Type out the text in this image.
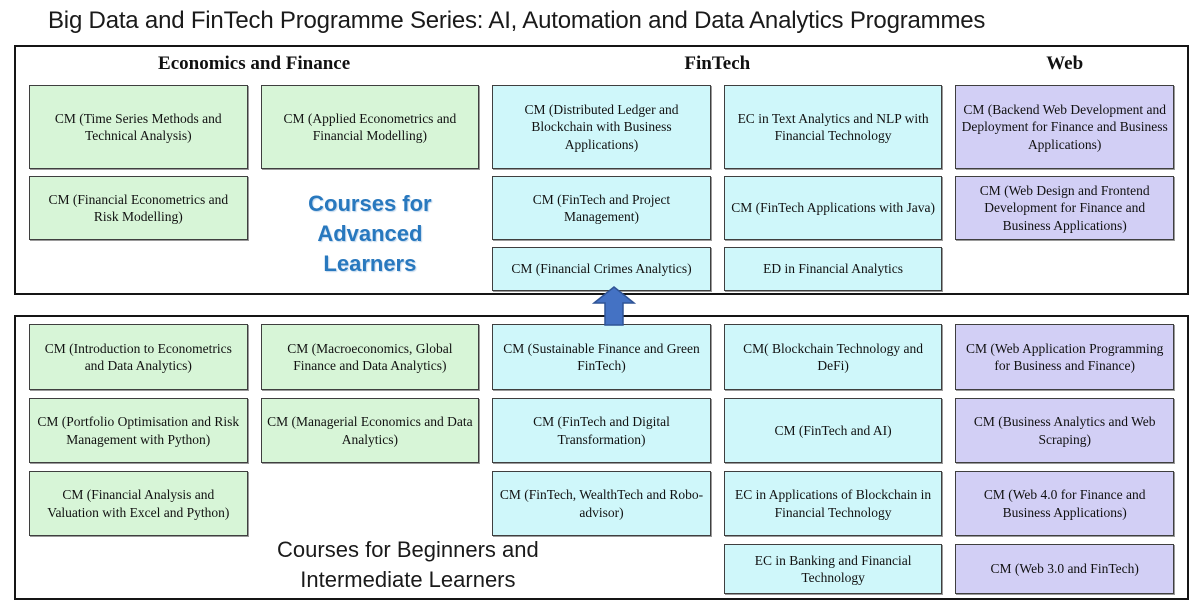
Big Data and FinTech Programme Series: AI, Automation and Data Analytics Programmes
Economics and Finance	FinTech	Web
CM (Time Series Methods and Technical Analysis)
CM (Financial Econometrics and Risk Modelling)
CM (Applied Econometrics and Financial Modelling)
Courses for
Advanced
Learners
CM (Distributed Ledger and Blockchain with Business Applications)
CM (FinTech and Project Management)
CM (Financial Crimes Analytics)
EC in Text Analytics and NLP with Financial Technology
CM (FinTech Applications with Java)
ED in Financial Analytics
CM (Backend Web Development and Deployment for Finance and Business Applications)
CM (Web Design and Frontend Development for Finance and Business Applications)
CM (Introduction to Econometrics and Data Analytics)
CM (Portfolio Optimisation and Risk Management with Python)
CM (Financial Analysis and Valuation with Excel and Python)
CM (Macroeconomics, Global Finance and Data Analytics)
CM (Managerial Economics and Data Analytics)
CM (Sustainable Finance and Green FinTech)
CM (FinTech and Digital Transformation)
CM (FinTech, WealthTech and Robo-advisor)
CM( Blockchain Technology and DeFi)
CM (FinTech and AI)
EC in Applications of Blockchain in Financial Technology
EC in Banking and Financial Technology
CM (Web Application Programming for Business and Finance)
CM (Business Analytics and Web Scraping)
CM (Web 4.0 for Finance and Business Applications)
CM (Web 3.0 and FinTech)
Courses for Beginners and
Intermediate Learners
